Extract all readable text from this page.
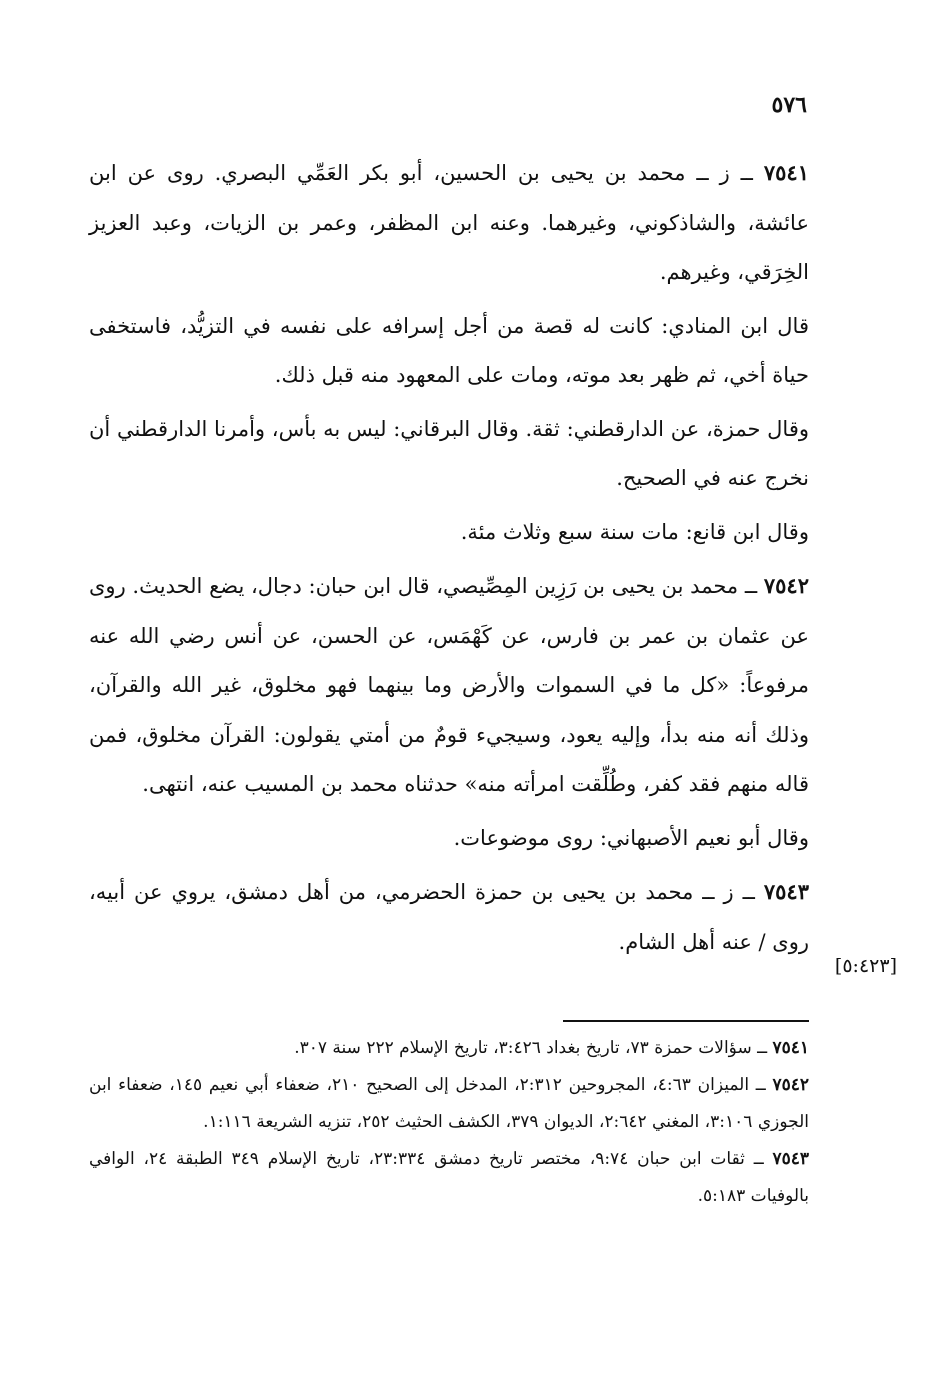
٥٧٦

٧٥٤١ ــ ز ــ محمد بن يحيى بن الحسين، أبو بكر العَمِّي البصري. روى عن ابن عائشة، والشاذكوني، وغيرهما. وعنه ابن المظفر، وعمر بن الزيات، وعبد العزيز الخِرَقي، وغيرهم.

قال ابن المنادي: كانت له قصة من أجل إسرافه على نفسه في التزيُّد، فاستخفى حياة أخي، ثم ظهر بعد موته، ومات على المعهود منه قبل ذلك.

وقال حمزة، عن الدارقطني: ثقة. وقال البرقاني: ليس به بأس، وأمرنا الدارقطني أن نخرج عنه في الصحيح.

وقال ابن قانع: مات سنة سبع وثلاث مئة.

٧٥٤٢ ــ محمد بن يحيى بن رَزِين المِصِّيصي، قال ابن حبان: دجال، يضع الحديث. روى عن عثمان بن عمر بن فارس، عن كَهْمَس، عن الحسن، عن أنس رضي الله عنه مرفوعاً: «كل ما في السموات والأرض وما بينهما فهو مخلوق، غير الله والقرآن، وذلك أنه منه بدأ، وإليه يعود، وسيجيء قومٌ من أمتي يقولون: القرآن مخلوق، فمن قاله منهم فقد كفر، وطُلِّقت امرأته منه» حدثناه محمد بن المسيب عنه، انتهى.

وقال أبو نعيم الأصبهاني: روى موضوعات.

٧٥٤٣ ــ ز ــ محمد بن يحيى بن حمزة الحضرمي، من أهل دمشق، يروي عن أبيه، روى / عنه أهل الشام.

[٥:٤٢٣]

٧٥٤١ ــ سؤالات حمزة ٧٣، تاريخ بغداد ٣:٤٢٦، تاريخ الإسلام ٢٢٢ سنة ٣٠٧.

٧٥٤٢ ــ الميزان ٤:٦٣، المجروحين ٢:٣١٢، المدخل إلى الصحيح ٢١٠، ضعفاء أبي نعيم ١٤٥، ضعفاء ابن الجوزي ٣:١٠٦، المغني ٢:٦٤٢، الديوان ٣٧٩، الكشف الحثيث ٢٥٢، تنزيه الشريعة ١:١١٦.

٧٥٤٣ ــ ثقات ابن حبان ٩:٧٤، مختصر تاريخ دمشق ٢٣:٣٣٤، تاريخ الإسلام ٣٤٩ الطبقة ٢٤، الوافي بالوفيات ٥:١٨٣.
